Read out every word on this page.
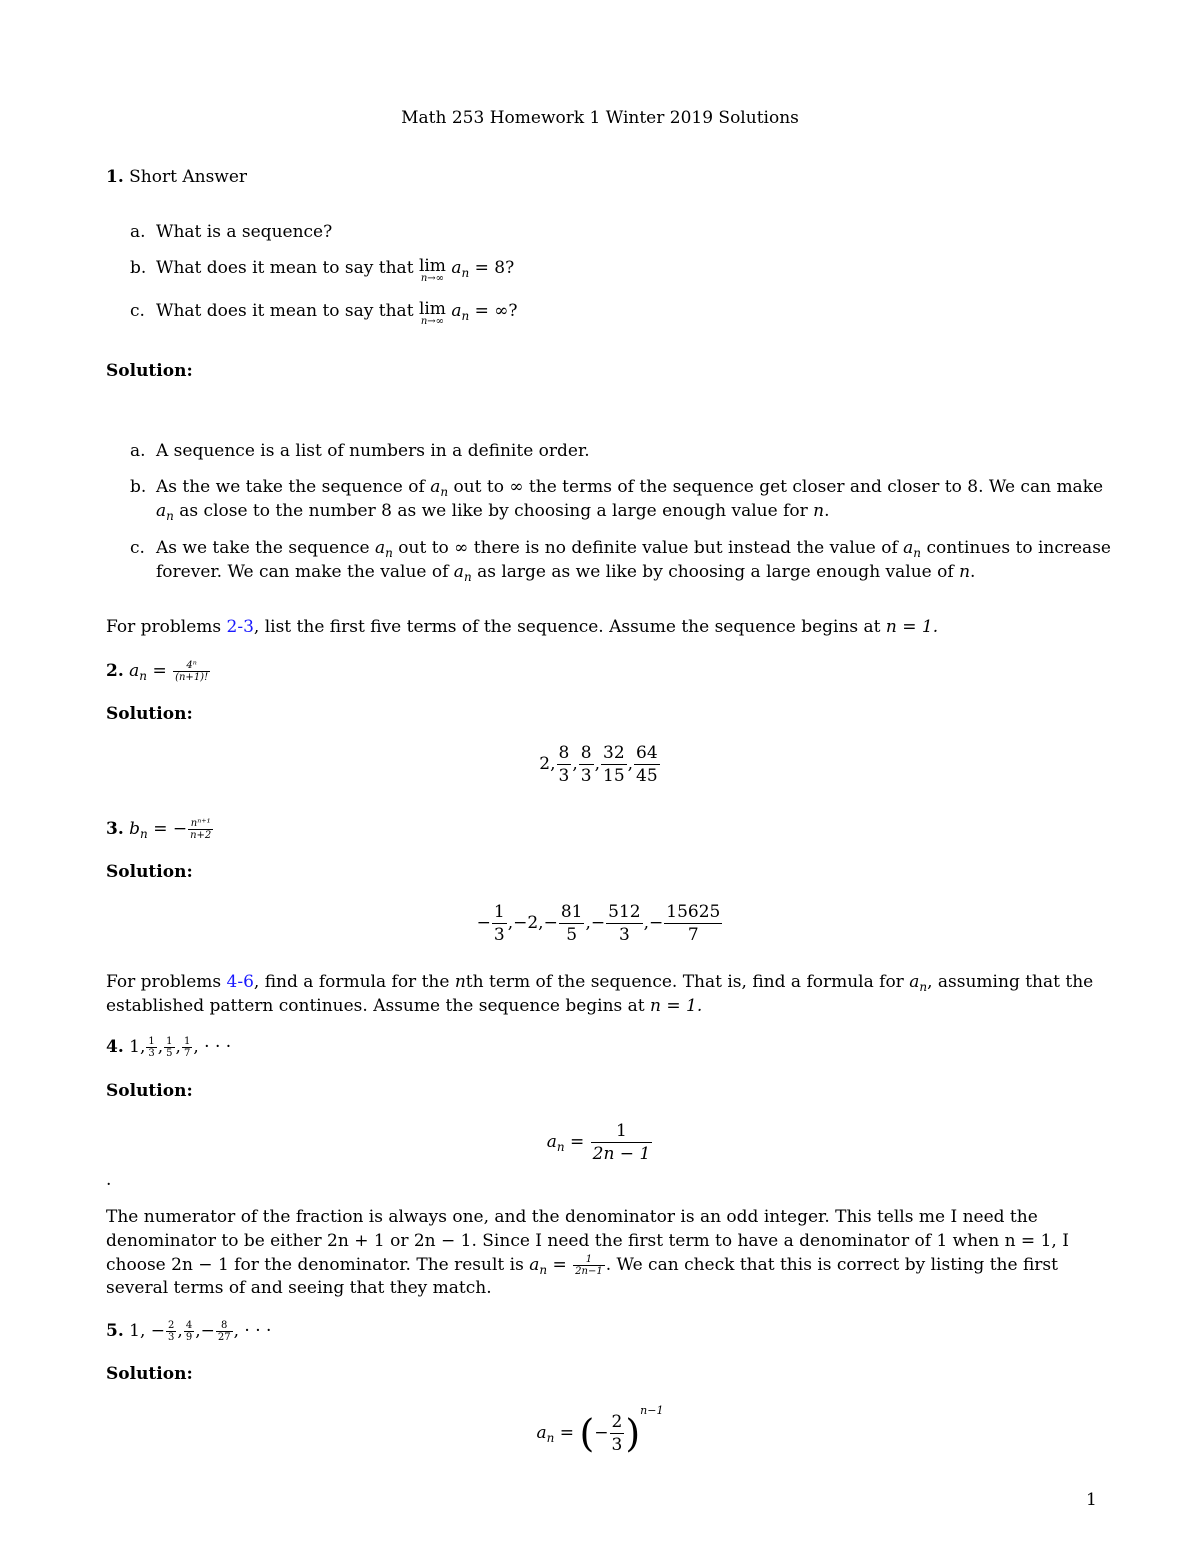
Math 253 Homework 1 Winter 2019 Solutions
1. Short Answer
a. What is a sequence?
b. What does it mean to say that lim
n→∞
$a_n = 8$?
c. What does it mean to say that lim
n→∞
$a_n$ = ∞?
Solution:
a. A sequence is a list of numbers in a definite order.
b. As the we take the sequence of $a_n$ out to ∞ the terms of the sequence get closer and closer to 8. We can make
$a_n$ as close to the number 8 as we like by choosing a large enough value for n.
c. As we take the sequence $a_n$ out to ∞ there is no definite value but instead the value of $a_n$ continues to increase
forever. We can make the value of $a_n$ as large as we like by choosing a large enough value of n.
For problems 2-3, list the first five terms of the sequence. Assume the sequence begins at n = 1.
2. $a_n = \frac{\text{4ⁿ}}{(n+1)!}$
Solution:
2, $\frac{8}{3}$ , $\frac{8}{3}$ , $\frac{32}{15}$ , $\frac{64}{45}$
3. $b_n$ = − $\frac{\text{nⁿ⁺¹}}{n+2}$
Solution:
− $\frac{1}{3} ,-2,- \frac{81}{5}$ ,− $\frac{512}{3}$ ,− $\frac{15625}{7}$
For problems 4-6, find a formula for the nth term of the sequence. That is, find a formula for $a_n$, assuming that the
established pattern continues. Assume the sequence begins at n = 1.
4. 1, $\frac{1}{3}$ , $\frac{1}{5}$ , $\frac{1}{7}$ , · · ·
Solution:
$a_n = \frac{1}{2n - 1}$
.
The numerator of the fraction is always one, and the denominator is an odd integer. This tells me I need the
denominator to be either 2n + 1 or 2n − 1. Since I need the first term to have a denominator of 1 when n = 1, I
choose 2n − 1 for the denominator. The result is $a_n = \frac{1}{2n-1}$ . We can check that this is correct by listing the first
several terms of and seeing that they match.
5. 1, − $\frac{2}{3}$ , $\frac{4}{9}$ ,− $\frac{8}{27}$ , · · ·
Solution:
$a_n$ = (− $\frac{2}{3} )^{n-1}$
1
